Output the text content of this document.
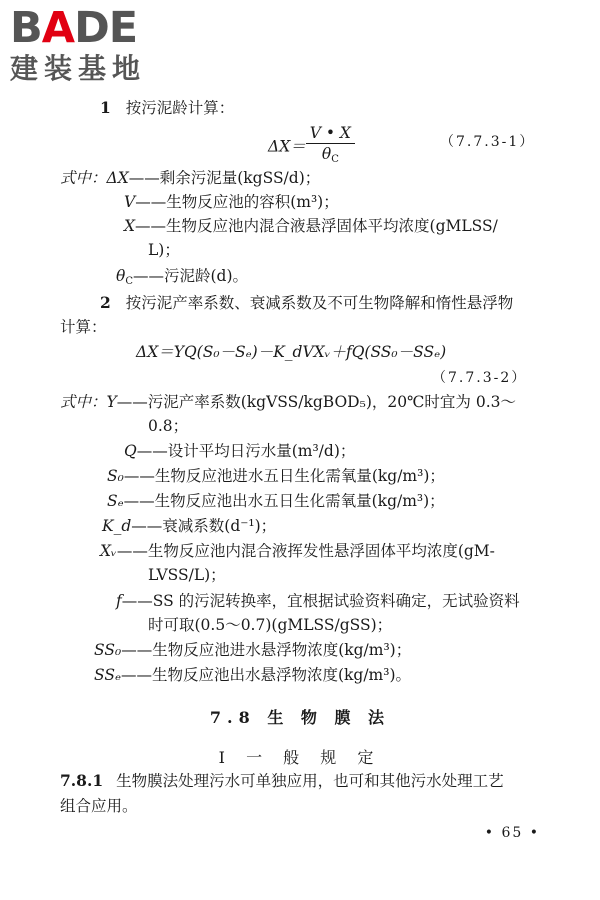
BADE
建装基地
1 按污泥龄计算：
$\Delta X= \frac{V • X}{\theta C}$	（7.7.3-1）
式中：ΔX——剩余污泥量(kgSS/d)；
V——生物反应池的容积(m³)；
X——生物反应池内混合液悬浮固体平均浓度(gMLSS/
L)；
θC——污泥龄(d)。
2 按污泥产率系数、衰减系数及不可生物降解和惰性悬浮物
计算：
ΔX＝YQ(S₀－Sₑ)－K_dVXᵥ＋fQ(SS₀－SSₑ)
（7.7.3-2）
式中：Y——污泥产率系数(kgVSS/kgBOD₅)，20℃时宜为 0.3～
0.8；
Q——设计平均日污水量(m³/d)；
S₀——生物反应池进水五日生化需氧量(kg/m³)；
Sₑ——生物反应池出水五日生化需氧量(kg/m³)；
K_d——衰减系数(d⁻¹)；
Xᵥ——生物反应池内混合液挥发性悬浮固体平均浓度(gM-
LVSS/L)；
f——SS 的污泥转换率，宜根据试验资料确定，无试验资料
时可取(0.5～0.7)(gMLSS/gSS)；
SS₀——生物反应池进水悬浮物浓度(kg/m³)；
SSₑ——生物反应池出水悬浮物浓度(kg/m³)。
7.8 生 物 膜 法
Ⅰ 一 般 规 定
7.8.1 生物膜法处理污水可单独应用，也可和其他污水处理工艺
组合应用。
• 65 •
